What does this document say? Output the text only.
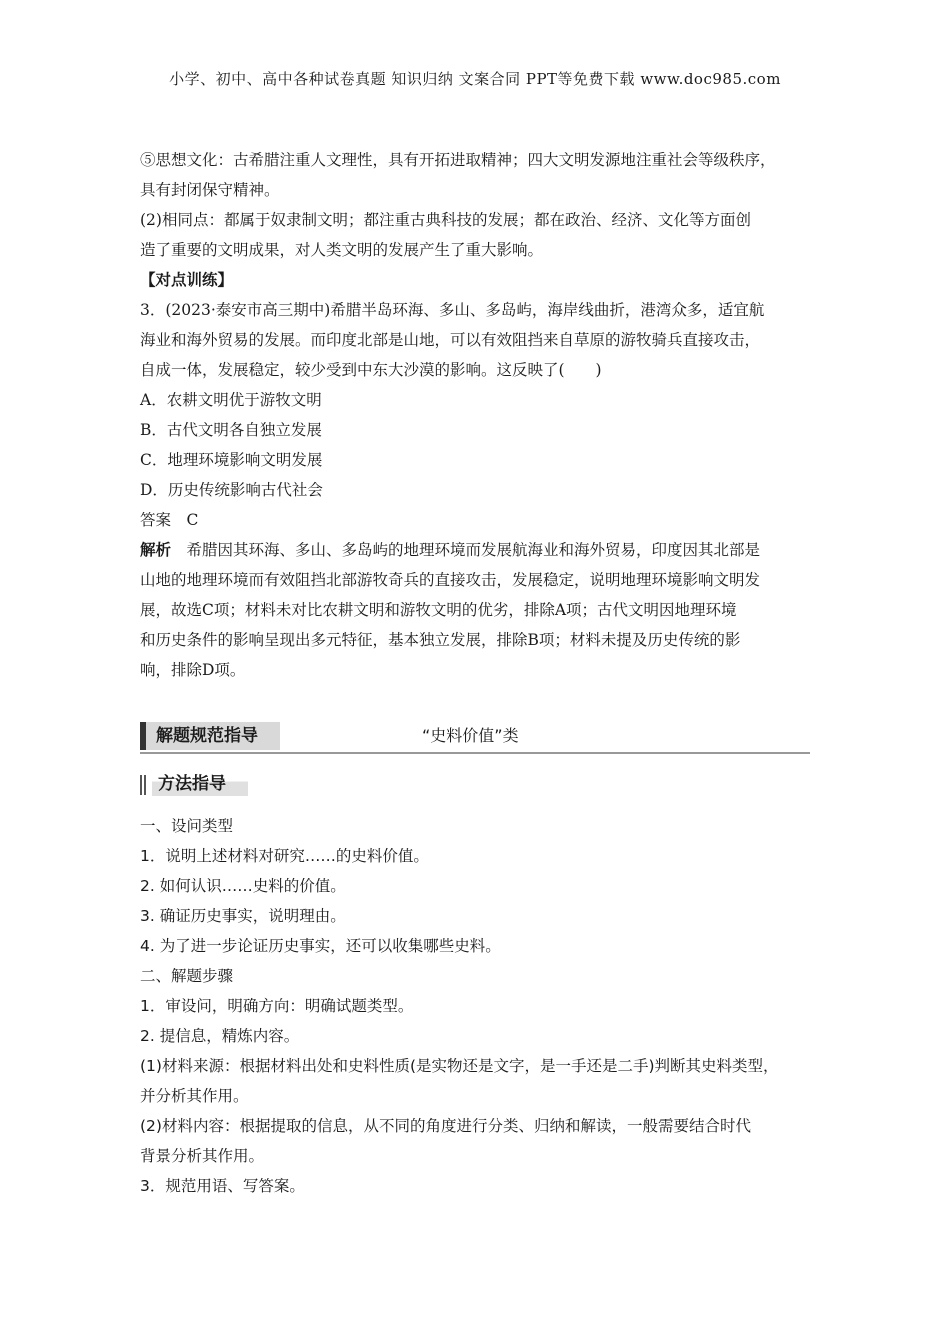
小学、初中、高中各种试卷真题 知识归纳 文案合同 PPT等免费下载 www.doc985.com
⑤思想文化：古希腊注重人文理性，具有开拓进取精神；四大文明发源地注重社会等级秩序，
具有封闭保守精神。
(2)相同点：都属于奴隶制文明；都注重古典科技的发展；都在政治、经济、文化等方面创
造了重要的文明成果，对人类文明的发展产生了重大影响。
【对点训练】
3．(2023·泰安市高三期中)希腊半岛环海、多山、多岛屿，海岸线曲折，港湾众多，适宜航
海业和海外贸易的发展。而印度北部是山地，可以有效阻挡来自草原的游牧骑兵直接攻击，
自成一体，发展稳定，较少受到中东大沙漠的影响。这反映了(　　)
A．农耕文明优于游牧文明
B．古代文明各自独立发展
C．地理环境影响文明发展
D．历史传统影响古代社会
答案　 C
解析　 希腊因其环海、多山、多岛屿的地理环境而发展航海业和海外贸易，印度因其北部是
山地的地理环境而有效阻挡北部游牧奇兵的直接攻击，发展稳定，说明地理环境影响文明发
展，故选C项；材料未对比农耕文明和游牧文明的优劣，排除A项；古代文明因地理环境
和历史条件的影响呈现出多元特征，基本独立发展，排除B项；材料未提及历史传统的影
响，排除D项。
解题规范指导	“史料价值”类
方法指导
一、设问类型
1．说明上述材料对研究……的史料价值。
2. 如何认识……史料的价值。
3. 确证历史事实，说明理由。
4. 为了进一步论证历史事实，还可以收集哪些史料。
二、解题步骤
1．审设问，明确方向：明确试题类型。
2. 提信息，精炼内容。
(1)材料来源：根据材料出处和史料性质(是实物还是文字，是一手还是二手)判断其史料类型，
并分析其作用。
(2)材料内容：根据提取的信息，从不同的角度进行分类、归纳和解读，一般需要结合时代
背景分析其作用。
3．规范用语、写答案。
